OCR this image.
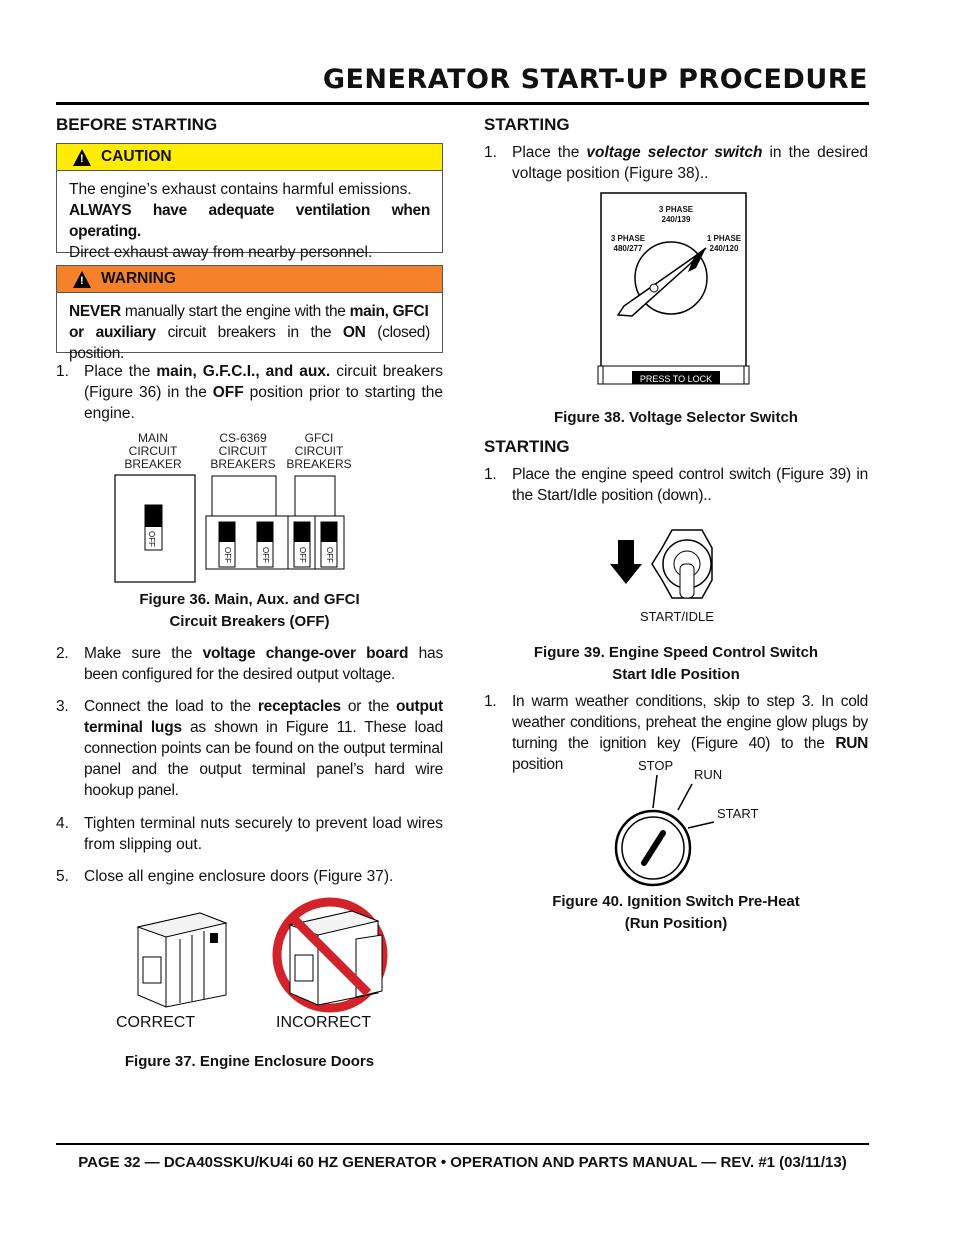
GENERATOR START-UP PROCEDURE
BEFORE STARTING
! CAUTION
The engine’s exhaust contains harmful emissions.
ALWAYS have adequate ventilation when operating.
Direct exhaust away from nearby personnel.
! WARNING
NEVER manually start the engine with the main, GFCI
or auxiliary circuit breakers in the ON (closed) position.
1. Place the main, G.F.C.I., and aux. circuit breakers (Figure 36) in the OFF position prior to starting the engine.
MAIN
CIRCUIT
BREAKER
CS-6369
CIRCUIT
BREAKERS
GFCI
CIRCUIT
BREAKERS
OFF
OFF	OFF	OFF OFF
Figure 36. Main, Aux. and GFCI
Circuit Breakers (OFF)
2. Make sure the voltage change-over board has been configured for the desired output voltage.
3. Connect the load to the receptacles or the output terminal lugs as shown in Figure 11. These load connection points can be found on the output terminal panel and the output terminal panel’s hard wire hookup panel.
4. Tighten terminal nuts securely to prevent load wires from slipping out.
5. Close all engine enclosure doors (Figure 37).
CORRECT	INCORRECT
Figure 37. Engine Enclosure Doors
STARTING
1. Place the voltage selector switch in the desired voltage position (Figure 38)..
3 PHASE
240/139
3 PHASE
480/277
1 PHASE
240/120
PRESS TO LOCK
Figure 38. Voltage Selector Switch
STARTING
1. Place the engine speed control switch (Figure 39) in the Start/Idle position (down)..
START/IDLE
Figure 39. Engine Speed Control Switch
Start Idle Position
1. In warm weather conditions, skip to step 3. In cold weather conditions, preheat the engine glow plugs by turning the ignition key (Figure 40) to the RUN position	STOP
RUN
START
Figure 40. Ignition Switch Pre-Heat
(Run Position)
PAGE 32 — DCA40SSKU/KU4i 60 HZ GENERATOR • OPERATION AND PARTS MANUAL — REV. #1 (03/11/13)
